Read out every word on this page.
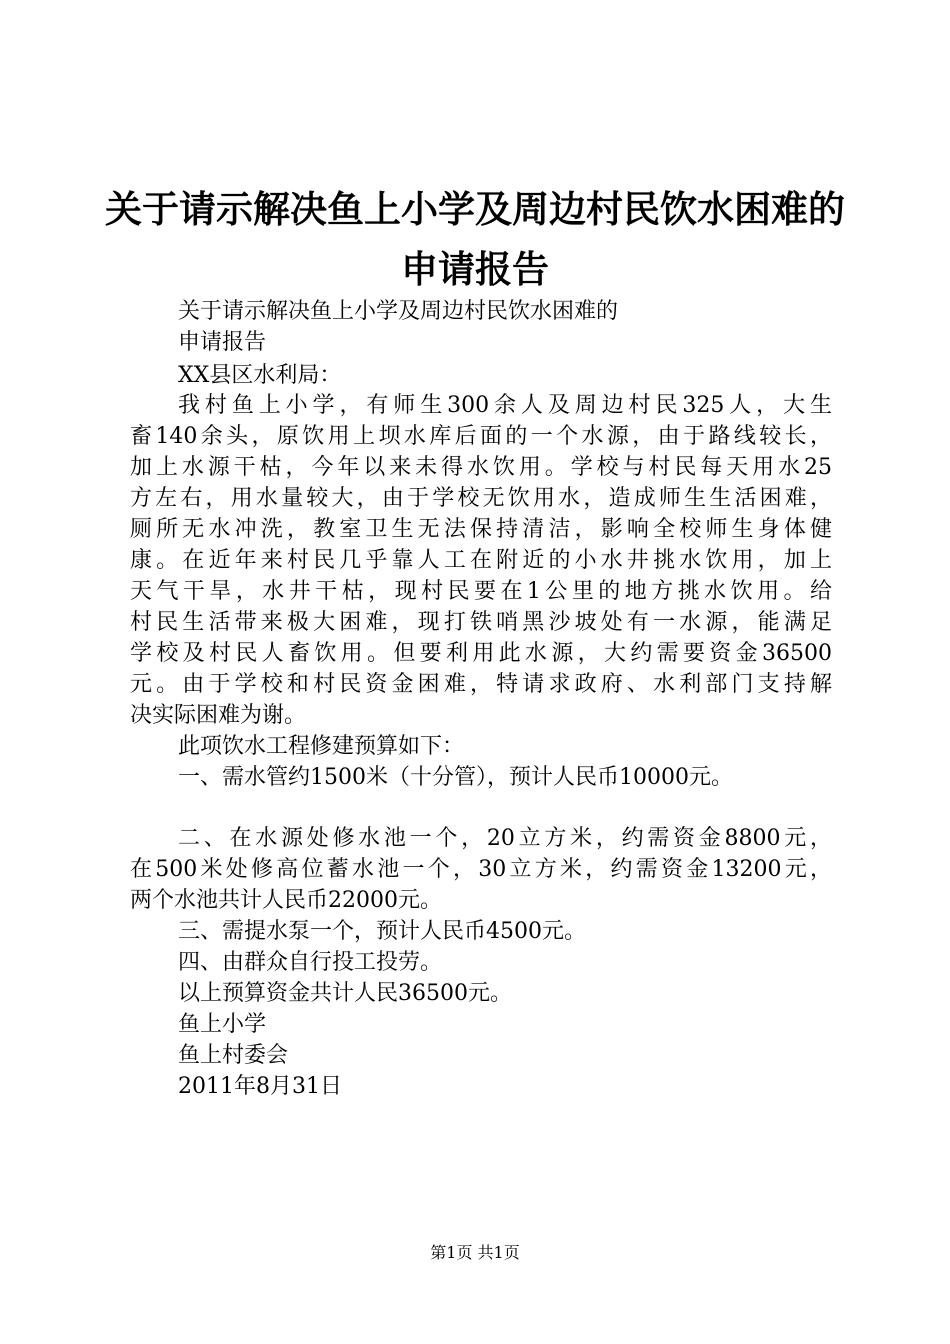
关于请示解决鱼上小学及周边村民饮水困难的
申请报告
关于请示解决鱼上小学及周边村民饮水困难的
申请报告
XX县区水利局：
我村鱼上小学，有师生300余人及周边村民325人，大生
畜140余头，原饮用上坝水库后面的一个水源，由于路线较长，
加上水源干枯，今年以来未得水饮用。学校与村民每天用水25
方左右，用水量较大，由于学校无饮用水，造成师生生活困难，
厕所无水冲洗，教室卫生无法保持清洁，影响全校师生身体健
康。在近年来村民几乎靠人工在附近的小水井挑水饮用，加上
天气干旱，水井干枯，现村民要在1公里的地方挑水饮用。给
村民生活带来极大困难，现打铁哨黑沙坡处有一水源，能满足
学校及村民人畜饮用。但要利用此水源，大约需要资金36500
元。由于学校和村民资金困难，特请求政府、水利部门支持解
决实际困难为谢。
此项饮水工程修建预算如下：
一、需水管约1500米（十分管），预计人民币10000元。
二、在水源处修水池一个，20立方米，约需资金8800元，
在500米处修高位蓄水池一个，30立方米，约需资金13200元，
两个水池共计人民币22000元。
三、需提水泵一个，预计人民币4500元。
四、由群众自行投工投劳。
以上预算资金共计人民36500元。
鱼上小学
鱼上村委会
2011年8月31日
第1页 共1页
